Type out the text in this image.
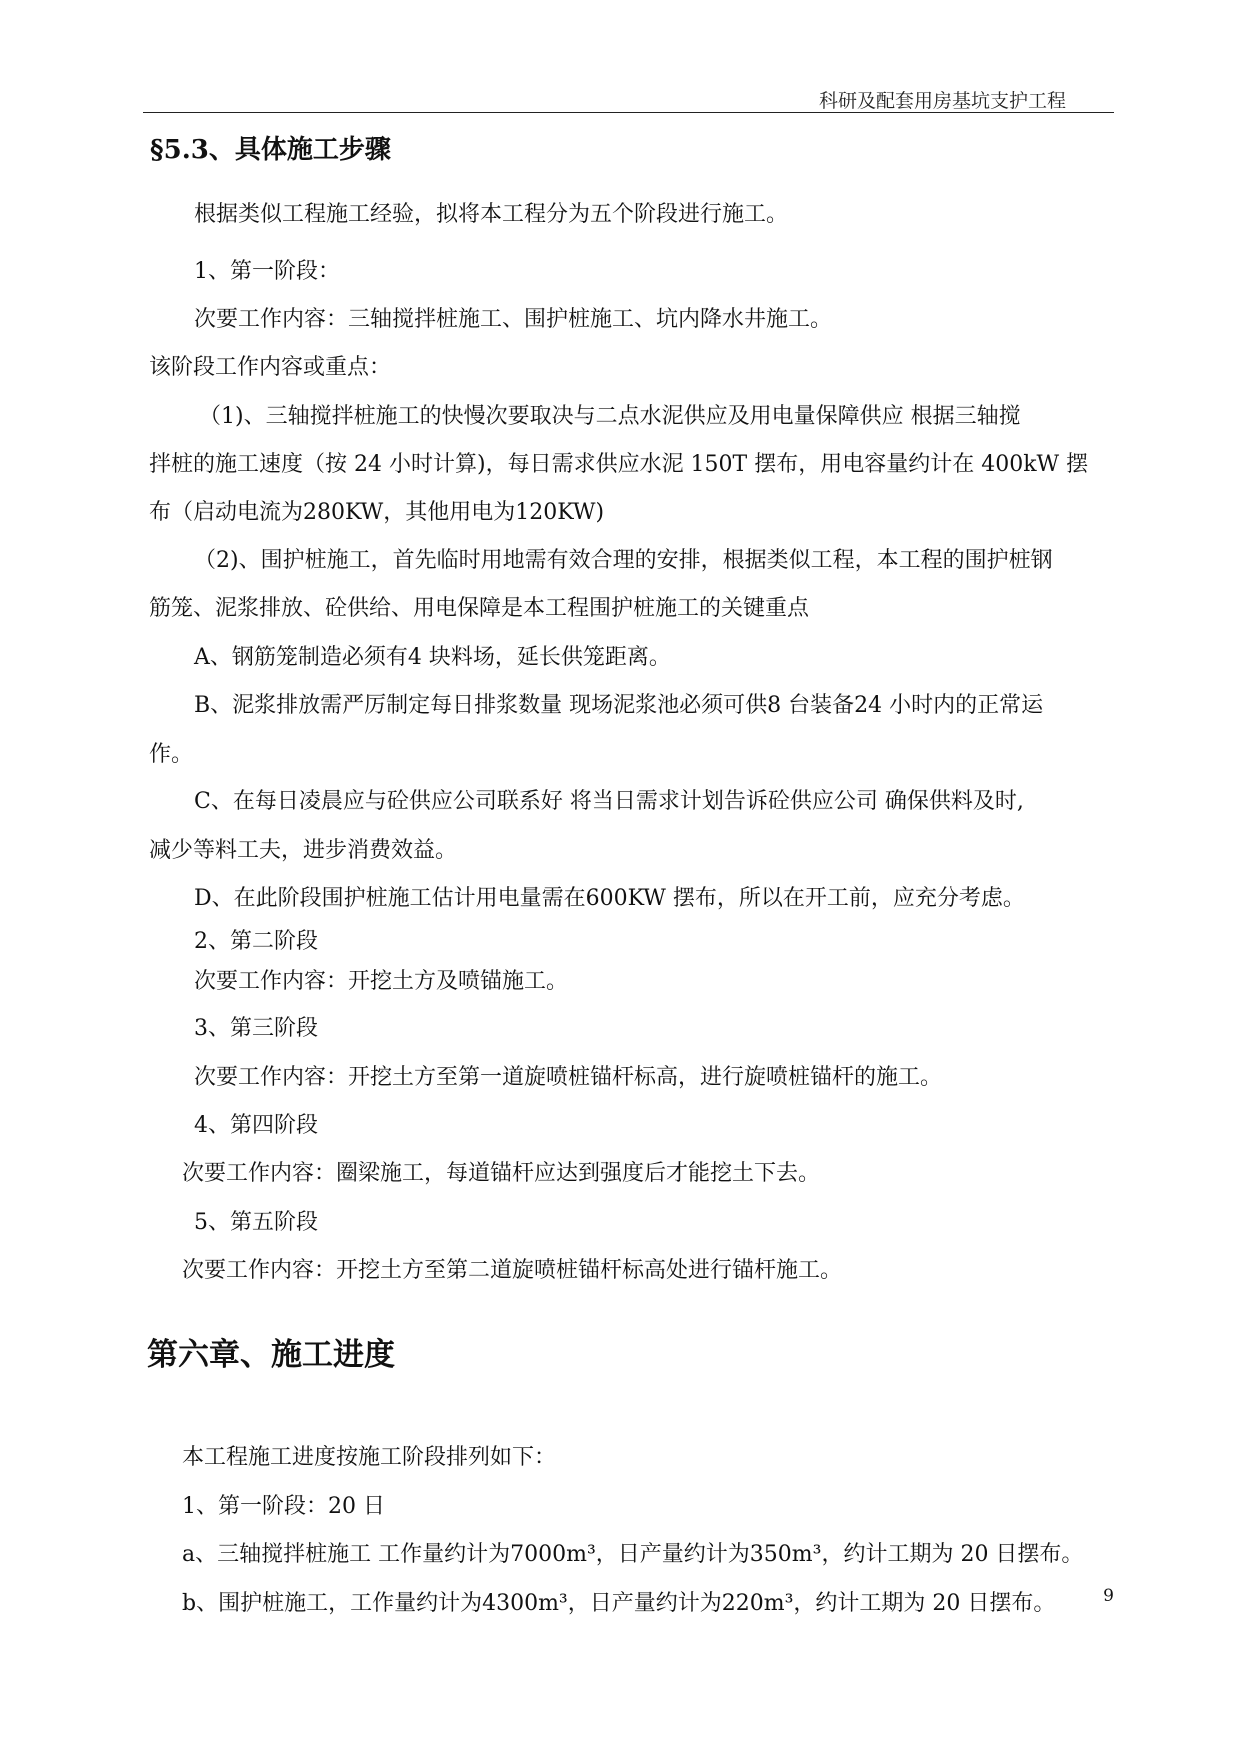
科研及配套用房基坑支护工程
§5.3、具体施工步骤
根据类似工程施工经验，拟将本工程分为五个阶段进行施工。
1、第一阶段：
次要工作内容：三轴搅拌桩施工、围护桩施工、坑内降水井施工。
该阶段工作内容或重点：
（1)、三轴搅拌桩施工的快慢次要取决与二点水泥供应及用电量保障供应 根据三轴搅
拌桩的施工速度（按 24 小时计算)，每日需求供应水泥 150T 摆布，用电容量约计在 400kW 摆
布（启动电流为280KW，其他用电为120KW)
（2)、围护桩施工，首先临时用地需有效合理的安排，根据类似工程，本工程的围护桩钢
筋笼、泥浆排放、砼供给、用电保障是本工程围护桩施工的关键重点
A、钢筋笼制造必须有4 块料场，延长供笼距离。
B、泥浆排放需严厉制定每日排浆数量 现场泥浆池必须可供8 台装备24 小时内的正常运
作。
C、在每日凌晨应与砼供应公司联系好 将当日需求计划告诉砼供应公司 确保供料及时,
减少等料工夫，进步消费效益。
D、在此阶段围护桩施工估计用电量需在600KW 摆布，所以在开工前，应充分考虑。
2、第二阶段
次要工作内容：开挖土方及喷锚施工。
3、第三阶段
次要工作内容：开挖土方至第一道旋喷桩锚杆标高，进行旋喷桩锚杆的施工。
4、第四阶段
次要工作内容：圈梁施工，每道锚杆应达到强度后才能挖土下去。
5、第五阶段
次要工作内容：开挖土方至第二道旋喷桩锚杆标高处进行锚杆施工。
第六章、施工进度
本工程施工进度按施工阶段排列如下：
1、第一阶段：20 日
a、三轴搅拌桩施工 工作量约计为7000m³，日产量约计为350m³，约计工期为 20 日摆布。
b、围护桩施工，工作量约计为4300m³，日产量约计为220m³，约计工期为 20 日摆布。	9
